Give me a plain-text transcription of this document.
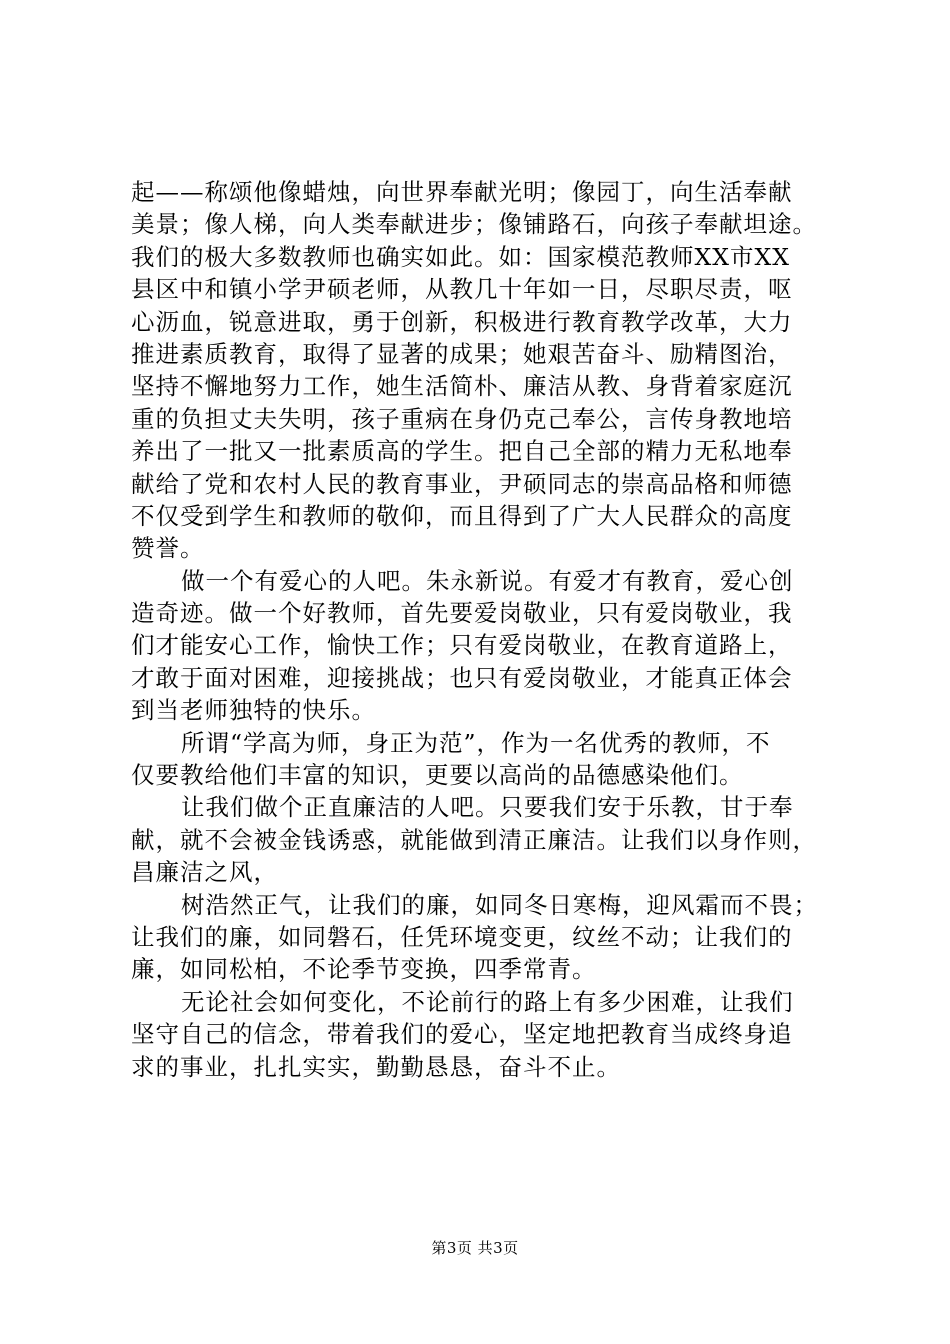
起——称颂他像蜡烛，向世界奉献光明；像园丁，向生活奉献
美景；像人梯，向人类奉献进步；像铺路石，向孩子奉献坦途。
我们的极大多数教师也确实如此。如：国家模范教师XX市XX
县区中和镇小学尹硕老师，从教几十年如一日，尽职尽责，呕
心沥血，锐意进取，勇于创新，积极进行教育教学改革，大力
推进素质教育，取得了显著的成果；她艰苦奋斗、励精图治，
坚持不懈地努力工作，她生活简朴、廉洁从教、身背着家庭沉
重的负担丈夫失明，孩子重病在身仍克己奉公，言传身教地培
养出了一批又一批素质高的学生。把自己全部的精力无私地奉
献给了党和农村人民的教育事业，尹硕同志的崇高品格和师德
不仅受到学生和教师的敬仰，而且得到了广大人民群众的高度
赞誉。
做一个有爱心的人吧。朱永新说。有爱才有教育，爱心创
造奇迹。做一个好教师，首先要爱岗敬业，只有爱岗敬业，我
们才能安心工作，愉快工作；只有爱岗敬业，在教育道路上，
才敢于面对困难，迎接挑战；也只有爱岗敬业，才能真正体会
到当老师独特的快乐。
所谓“学高为师，身正为范”，作为一名优秀的教师，不
仅要教给他们丰富的知识，更要以高尚的品德感染他们。
让我们做个正直廉洁的人吧。只要我们安于乐教，甘于奉
献，就不会被金钱诱惑，就能做到清正廉洁。让我们以身作则，
昌廉洁之风，
树浩然正气，让我们的廉，如同冬日寒梅，迎风霜而不畏；
让我们的廉，如同磐石，任凭环境变更，纹丝不动；让我们的
廉，如同松柏，不论季节变换，四季常青。
无论社会如何变化，不论前行的路上有多少困难，让我们
坚守自己的信念，带着我们的爱心，坚定地把教育当成终身追
求的事业，扎扎实实，勤勤恳恳，奋斗不止。
第3页 共3页
